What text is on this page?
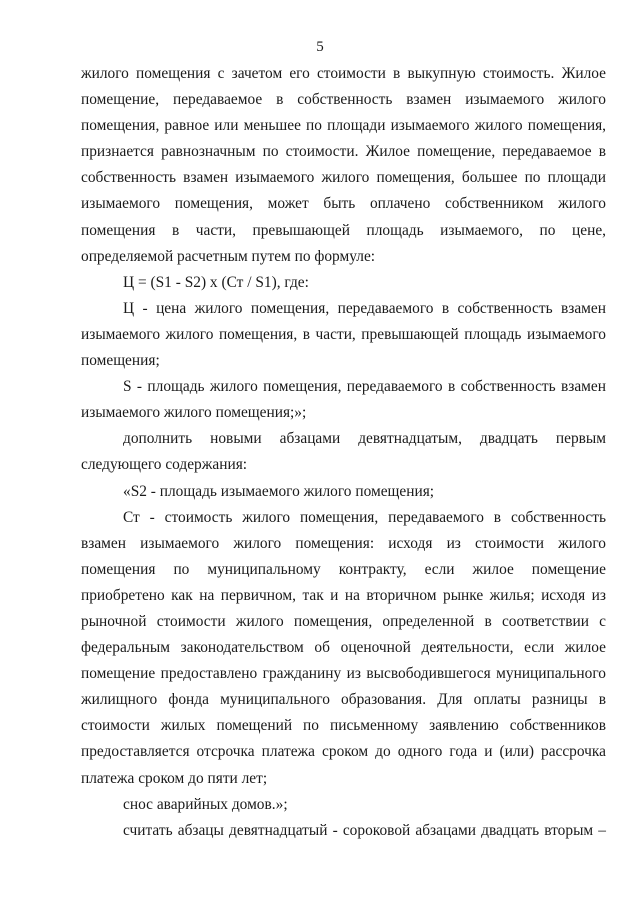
5

жилого помещения с зачетом его стоимости в выкупную стоимость. Жилое помещение, передаваемое в собственность взамен изымаемого жилого помещения, равное или меньшее по площади изымаемого жилого помещения, признается равнозначным по стоимости. Жилое помещение, передаваемое в собственность взамен изымаемого жилого помещения, большее по площади изымаемого помещения, может быть оплачено собственником жилого помещения в части, превышающей площадь изымаемого, по цене, определяемой расчетным путем по формуле:

Ц = (S1 - S2) х (Ст / S1), где:

Ц - цена жилого помещения, передаваемого в собственность взамен изымаемого жилого помещения, в части, превышающей площадь изымаемого помещения;

S - площадь жилого помещения, передаваемого в собственность взамен изымаемого жилого помещения;»;

дополнить новыми абзацами девятнадцатым, двадцать первым следующего содержания:

«S2 - площадь изымаемого жилого помещения;

Ст - стоимость жилого помещения, передаваемого в собственность взамен изымаемого жилого помещения: исходя из стоимости жилого помещения по муниципальному контракту, если жилое помещение приобретено как на первичном, так и на вторичном рынке жилья; исходя из рыночной стоимости жилого помещения, определенной в соответствии с федеральным законодательством об оценочной деятельности, если жилое помещение предоставлено гражданину из высвободившегося муниципального жилищного фонда муниципального образования. Для оплаты разницы в стоимости жилых помещений по письменному заявлению собственников предоставляется отсрочка платежа сроком до одного года и (или) рассрочка платежа сроком до пяти лет;

снос аварийных домов.»;

считать абзацы девятнадцатый - сороковой абзацами двадцать вторым –
